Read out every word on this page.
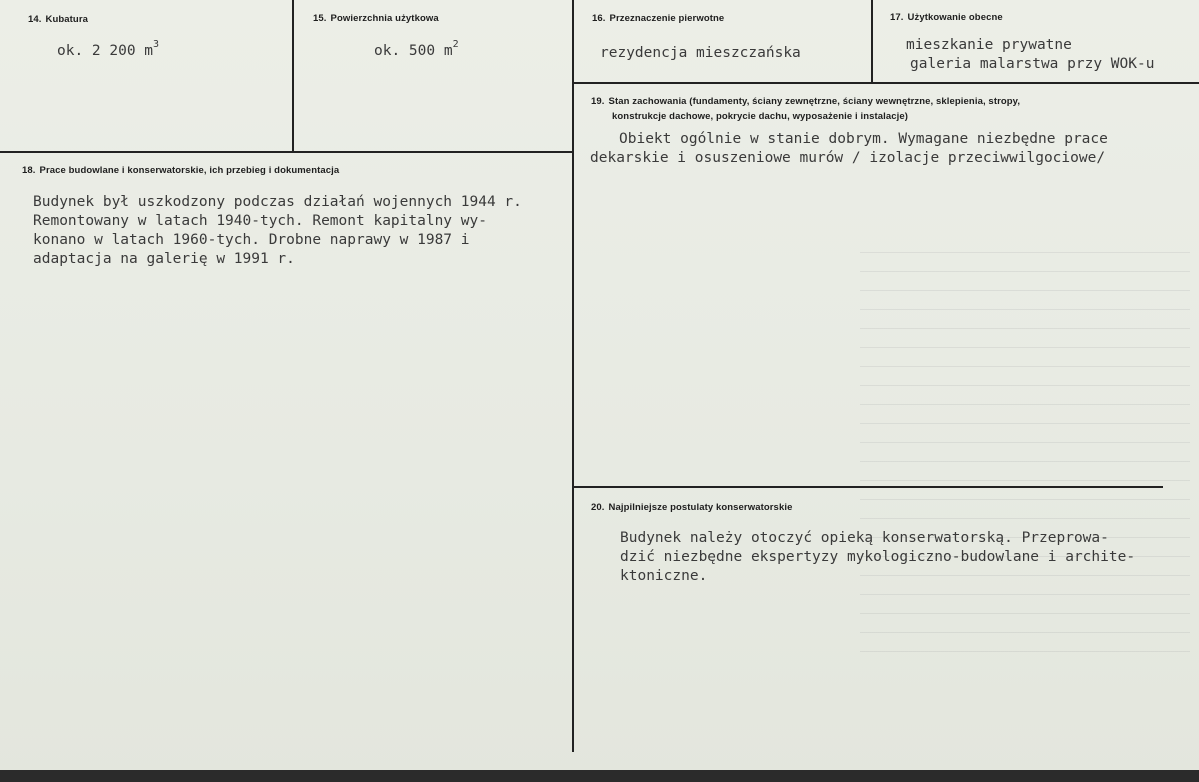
14. Kubatura
ok. 2 200 $m^3$
15. Powierzchnia użytkowa
ok. 500 $m^2$
16. Przeznaczenie pierwotne
rezydencja mieszczańska
17. Użytkowanie obecne
mieszkanie prywatne
galeria malarstwa przy WOK-u
18. Prace budowlane i konserwatorskie, ich przebieg i dokumentacja
Budynek był uszkodzony podczas działań wojennych 1944 r.
Remontowany w latach 1940-tych. Remont kapitalny wy-
konano w latach 1960-tych. Drobne naprawy w 1987 i
adaptacja na galerię w 1991 r.
19. Stan zachowania (fundamenty, ściany zewnętrzne, ściany wewnętrzne, sklepienia, stropy,
konstrukcje dachowe, pokrycie dachu, wyposażenie i instalacje)
Obiekt ogólnie w stanie dobrym. Wymagane niezbędne prace
dekarskie i osuszeniowe murów / izolacje przeciwwilgociowe/
20. Najpilniejsze postulaty konserwatorskie
Budynek należy otoczyć opieką konserwatorską. Przeprowa-
dzić niezbędne ekspertyzy mykologiczno-budowlane i archite-
ktoniczne.
